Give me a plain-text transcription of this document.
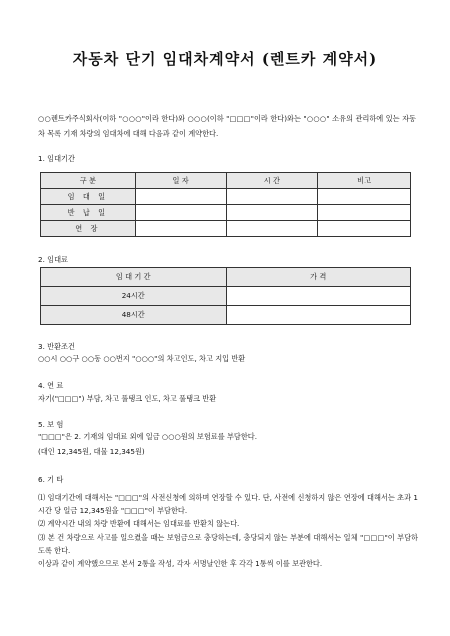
자동차 단기 임대차계약서 (렌트카 계약서)
○○렌트카주식회사(이하 "○○○"이라 한다)와 ○○○(이하 "□□□"이라 한다)와는 "○○○" 소유의 관리하에 있는 자동차 목록 기재 차량의 임대차에 대해 다음과 같이 계약한다.
1. 임대기간
구 분	일 자	시 간	비고
임 대 일			
반 납 일			
연 장			
2. 임대료
임 대 기 간	가 격
24시간	
48시간	
3. 반환조건
○○시 ○○구 ○○동 ○○번지 "○○○"의 차고인도, 차고 지입 반환
4. 연 료
자기("□□□") 부담, 차고 풀탱크 인도, 차고 풀탱크 반환
5. 보 험
"□□□"은 2. 기재의 임대료 외에 일금 ○○○원의 보험료를 부담한다.
(대인 12,345원, 대물 12,345원)
6. 기 타
⑴ 임대기간에 대해서는 "□□□"의 사전신청에 의하며 연장할 수 있다. 단, 사전에 신청하지 않은 연장에 대해서는 초과 1시간 당 일금 12,345원을 "□□□"이 부담한다.
⑵ 계약시간 내의 차량 반환에 대해서는 임대료를 반환치 않는다.
⑶ 본 건 차량으로 사고를 일으켰을 때는 보험금으로 충당하는데, 충당되지 않는 부분에 대해서는 일체 "□□□"이 부담하도록 한다.
이상과 같이 계약했으므로 본서 2통을 작성, 각자 서명날인한 후 각각 1통씩 이를 보관한다.
